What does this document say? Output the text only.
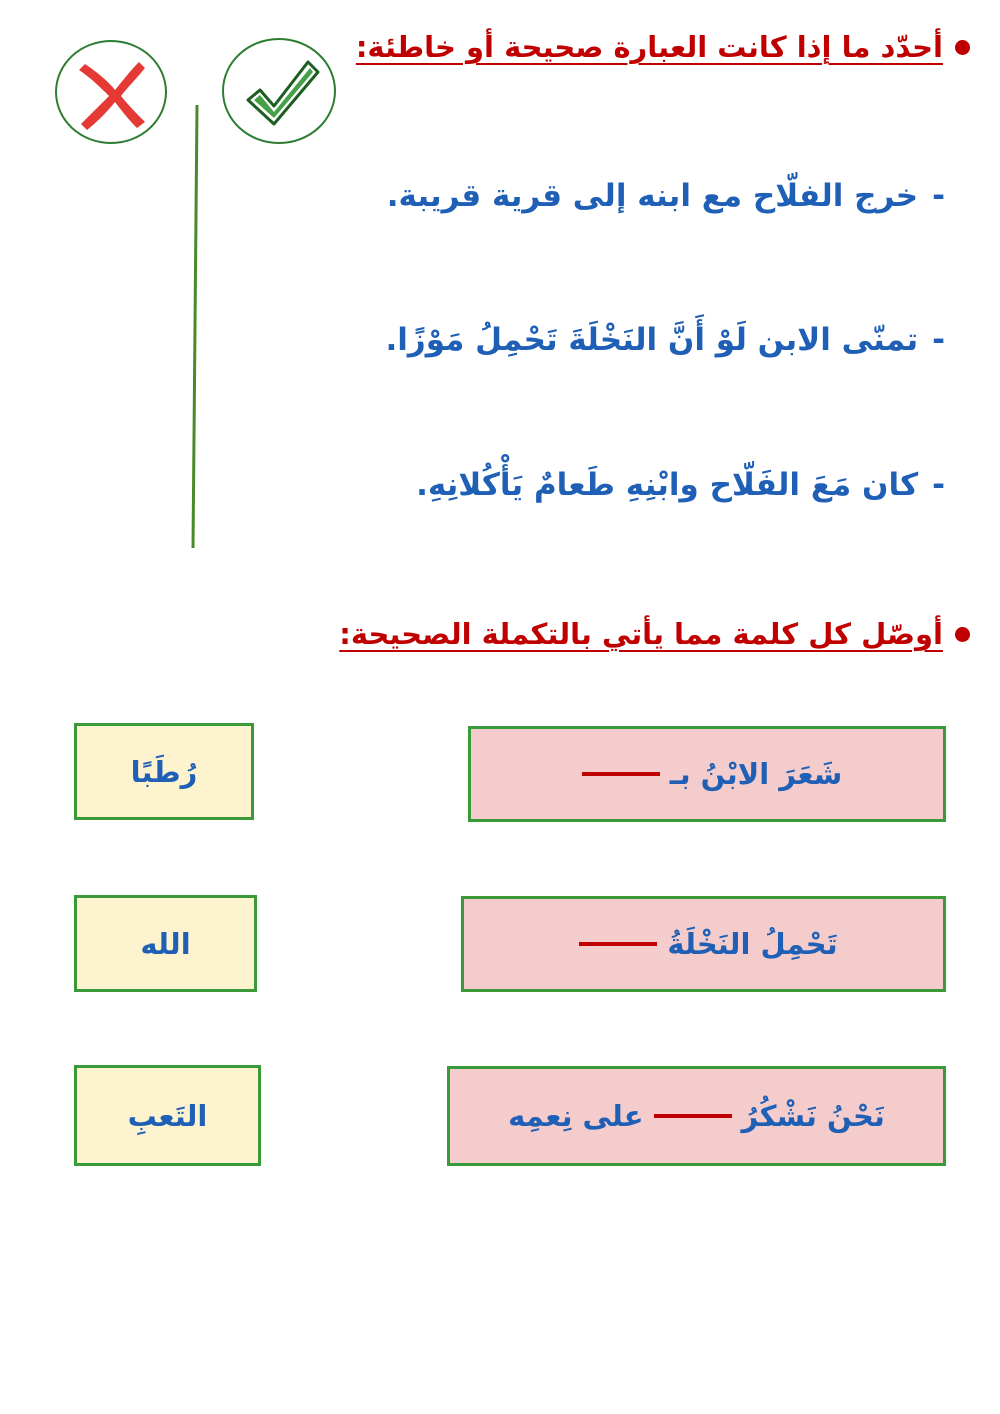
أحدّد ما إذا كانت العبارة صحيحة أو خاطئة:
-خرج الفلّاح مع ابنه إلى قرية قريبة.
-تمنّى الابن لَوْ أَنَّ النَخْلَةَ تَحْمِلُ مَوْزًا.
-كان مَعَ الفَلّاح وابْنِهِ طَعامٌ يَأْكُلانِهِ.
أوصّل كل كلمة مما يأتي بالتكملة الصحيحة:
شَعَرَ الابْنُ بـ
تَحْمِلُ النَخْلَةُ
نَحْنُ نَشْكُرُ
على نِعمِه
رُطَبًا
الله
التَعبِ
